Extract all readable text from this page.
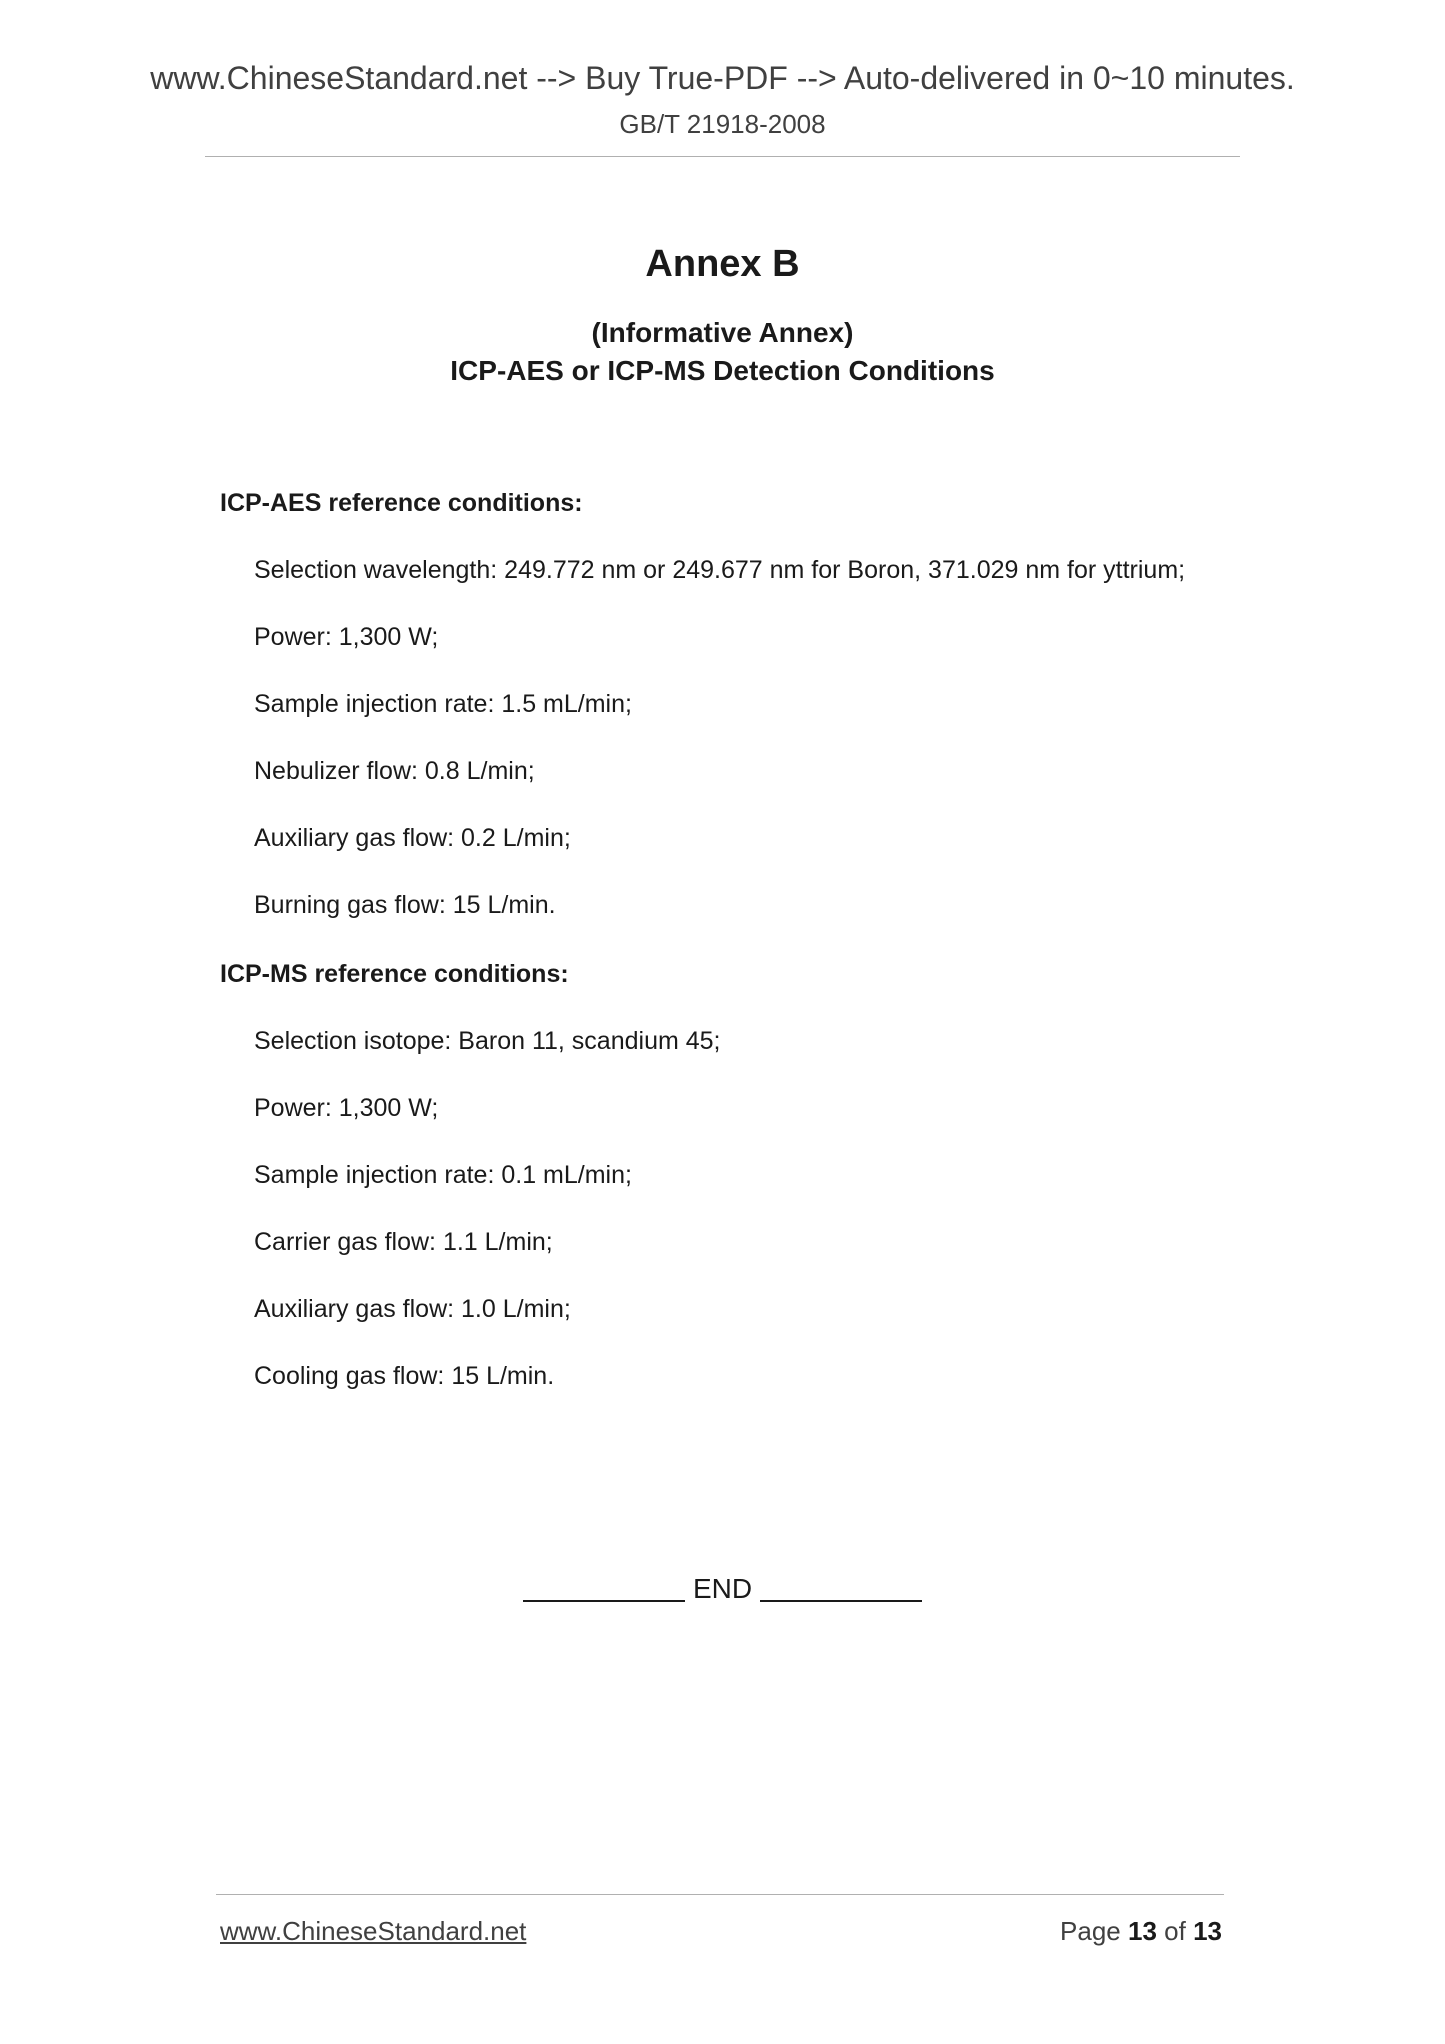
www.ChineseStandard.net --> Buy True-PDF --> Auto-delivered in 0~10 minutes.
GB/T 21918-2008
Annex B
(Informative Annex)
ICP-AES or ICP-MS Detection Conditions
ICP-AES reference conditions:
Selection wavelength: 249.772 nm or 249.677 nm for Boron, 371.029 nm for yttrium;
Power: 1,300 W;
Sample injection rate: 1.5 mL/min;
Nebulizer flow: 0.8 L/min;
Auxiliary gas flow: 0.2 L/min;
Burning gas flow: 15 L/min.
ICP-MS reference conditions:
Selection isotope: Baron 11, scandium 45;
Power: 1,300 W;
Sample injection rate: 0.1 mL/min;
Carrier gas flow: 1.1 L/min;
Auxiliary gas flow: 1.0 L/min;
Cooling gas flow: 15 L/min.
END
www.ChineseStandard.net	Page 13 of 13
